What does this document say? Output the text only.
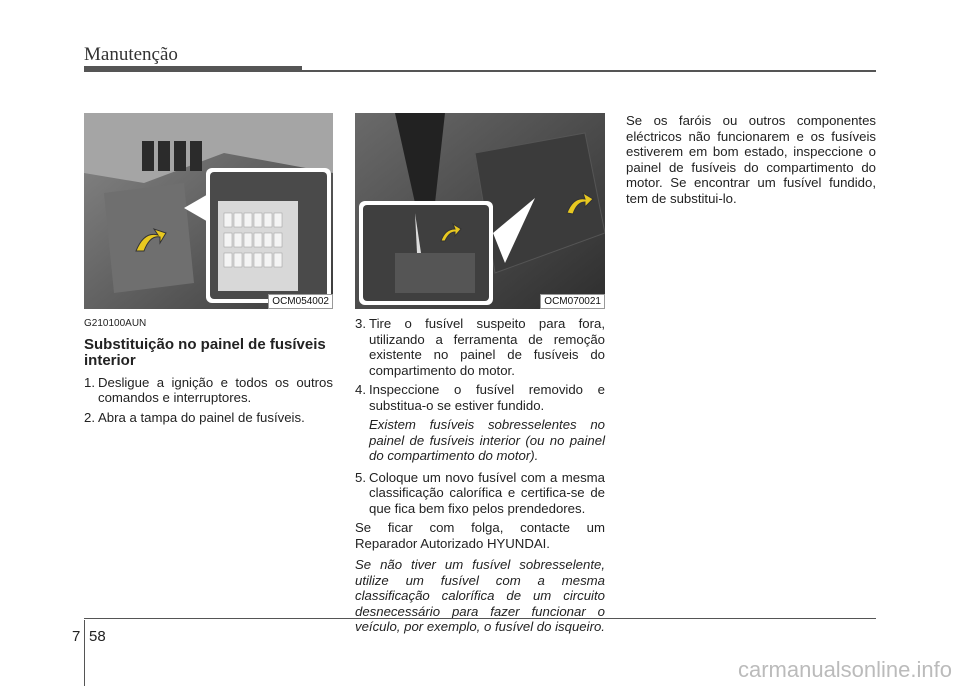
Manutenção
OCM054002	OCM070021
G210100AUN
Substituição no painel de fusíveis interior
1. Desligue a ignição e todos os outros comandos e interruptores.
2. Abra a tampa do painel de fusíveis.
3. Tire o fusível suspeito para fora, utilizando a ferramenta de remoção existente no painel de fusíveis do compartimento do motor.
4. Inspeccione o fusível removido e substitua-o se estiver fundido.
Existem fusíveis sobresselentes no painel de fusíveis interior (ou no painel do compartimento do motor).
5. Coloque um novo fusível com a mesma classificação calorífica e certifica-se de que fica bem fixo pelos prendedores.
Se ficar com folga, contacte um Reparador Autorizado HYUNDAI.
Se não tiver um fusível sobresselente, utilize um fusível com a mesma classificação calorífica de um circuito desnecessário para fazer funcionar o veículo, por exemplo, o fusível do isqueiro.
Se os faróis ou outros componentes eléctricos não funcionarem e os fusíveis estiverem em bom estado, inspeccione o painel de fusíveis do compartimento do motor. Se encontrar um fusível fundido, tem de substitui-lo.
7 58
carmanualsonline.info
